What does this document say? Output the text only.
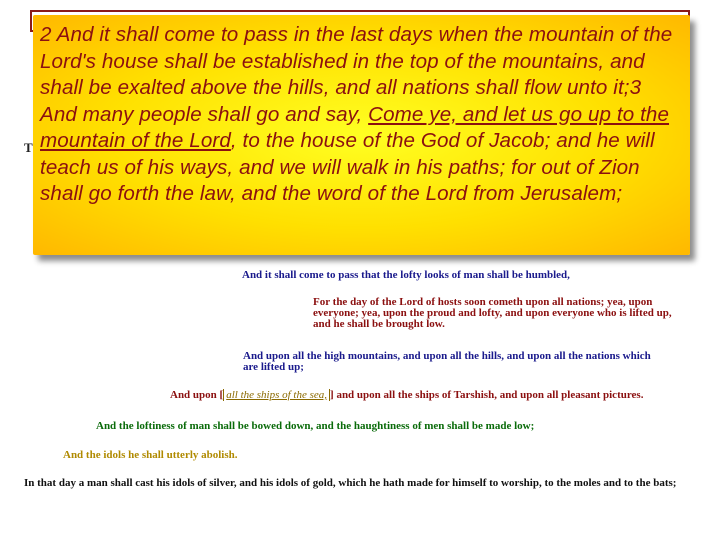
T

2 And it shall come to pass in the last days when the mountain of the Lord's house shall be established in the top of the mountains, and shall be exalted above the hills, and all nations shall flow unto it;3 And many people shall go and say, Come ye, and let us go up to the mountain of the Lord, to the house of the God of Jacob; and he will teach us of his ways, and we will walk in his paths; for out of Zion shall go forth the law, and the word of the Lord from Jerusalem;

And it shall come to pass that the lofty looks of man shall be humbled,
For the day of the Lord of hosts soon cometh upon all nations; yea, upon everyone; yea, upon the proud and lofty, and upon everyone who is lifted up, and he shall be brought low.
And upon all the high mountains, and upon all the hills, and upon all the nations which are lifted up;
And upon [ all the ships of the sea, ] and upon all the ships of Tarshish, and upon all pleasant pictures.
And the loftiness of man shall be bowed down, and the haughtiness of men shall be made low;
And the idols he shall utterly abolish.
In that day a man shall cast his idols of silver, and his idols of gold, which he hath made for himself to worship, to the moles and to the bats;
